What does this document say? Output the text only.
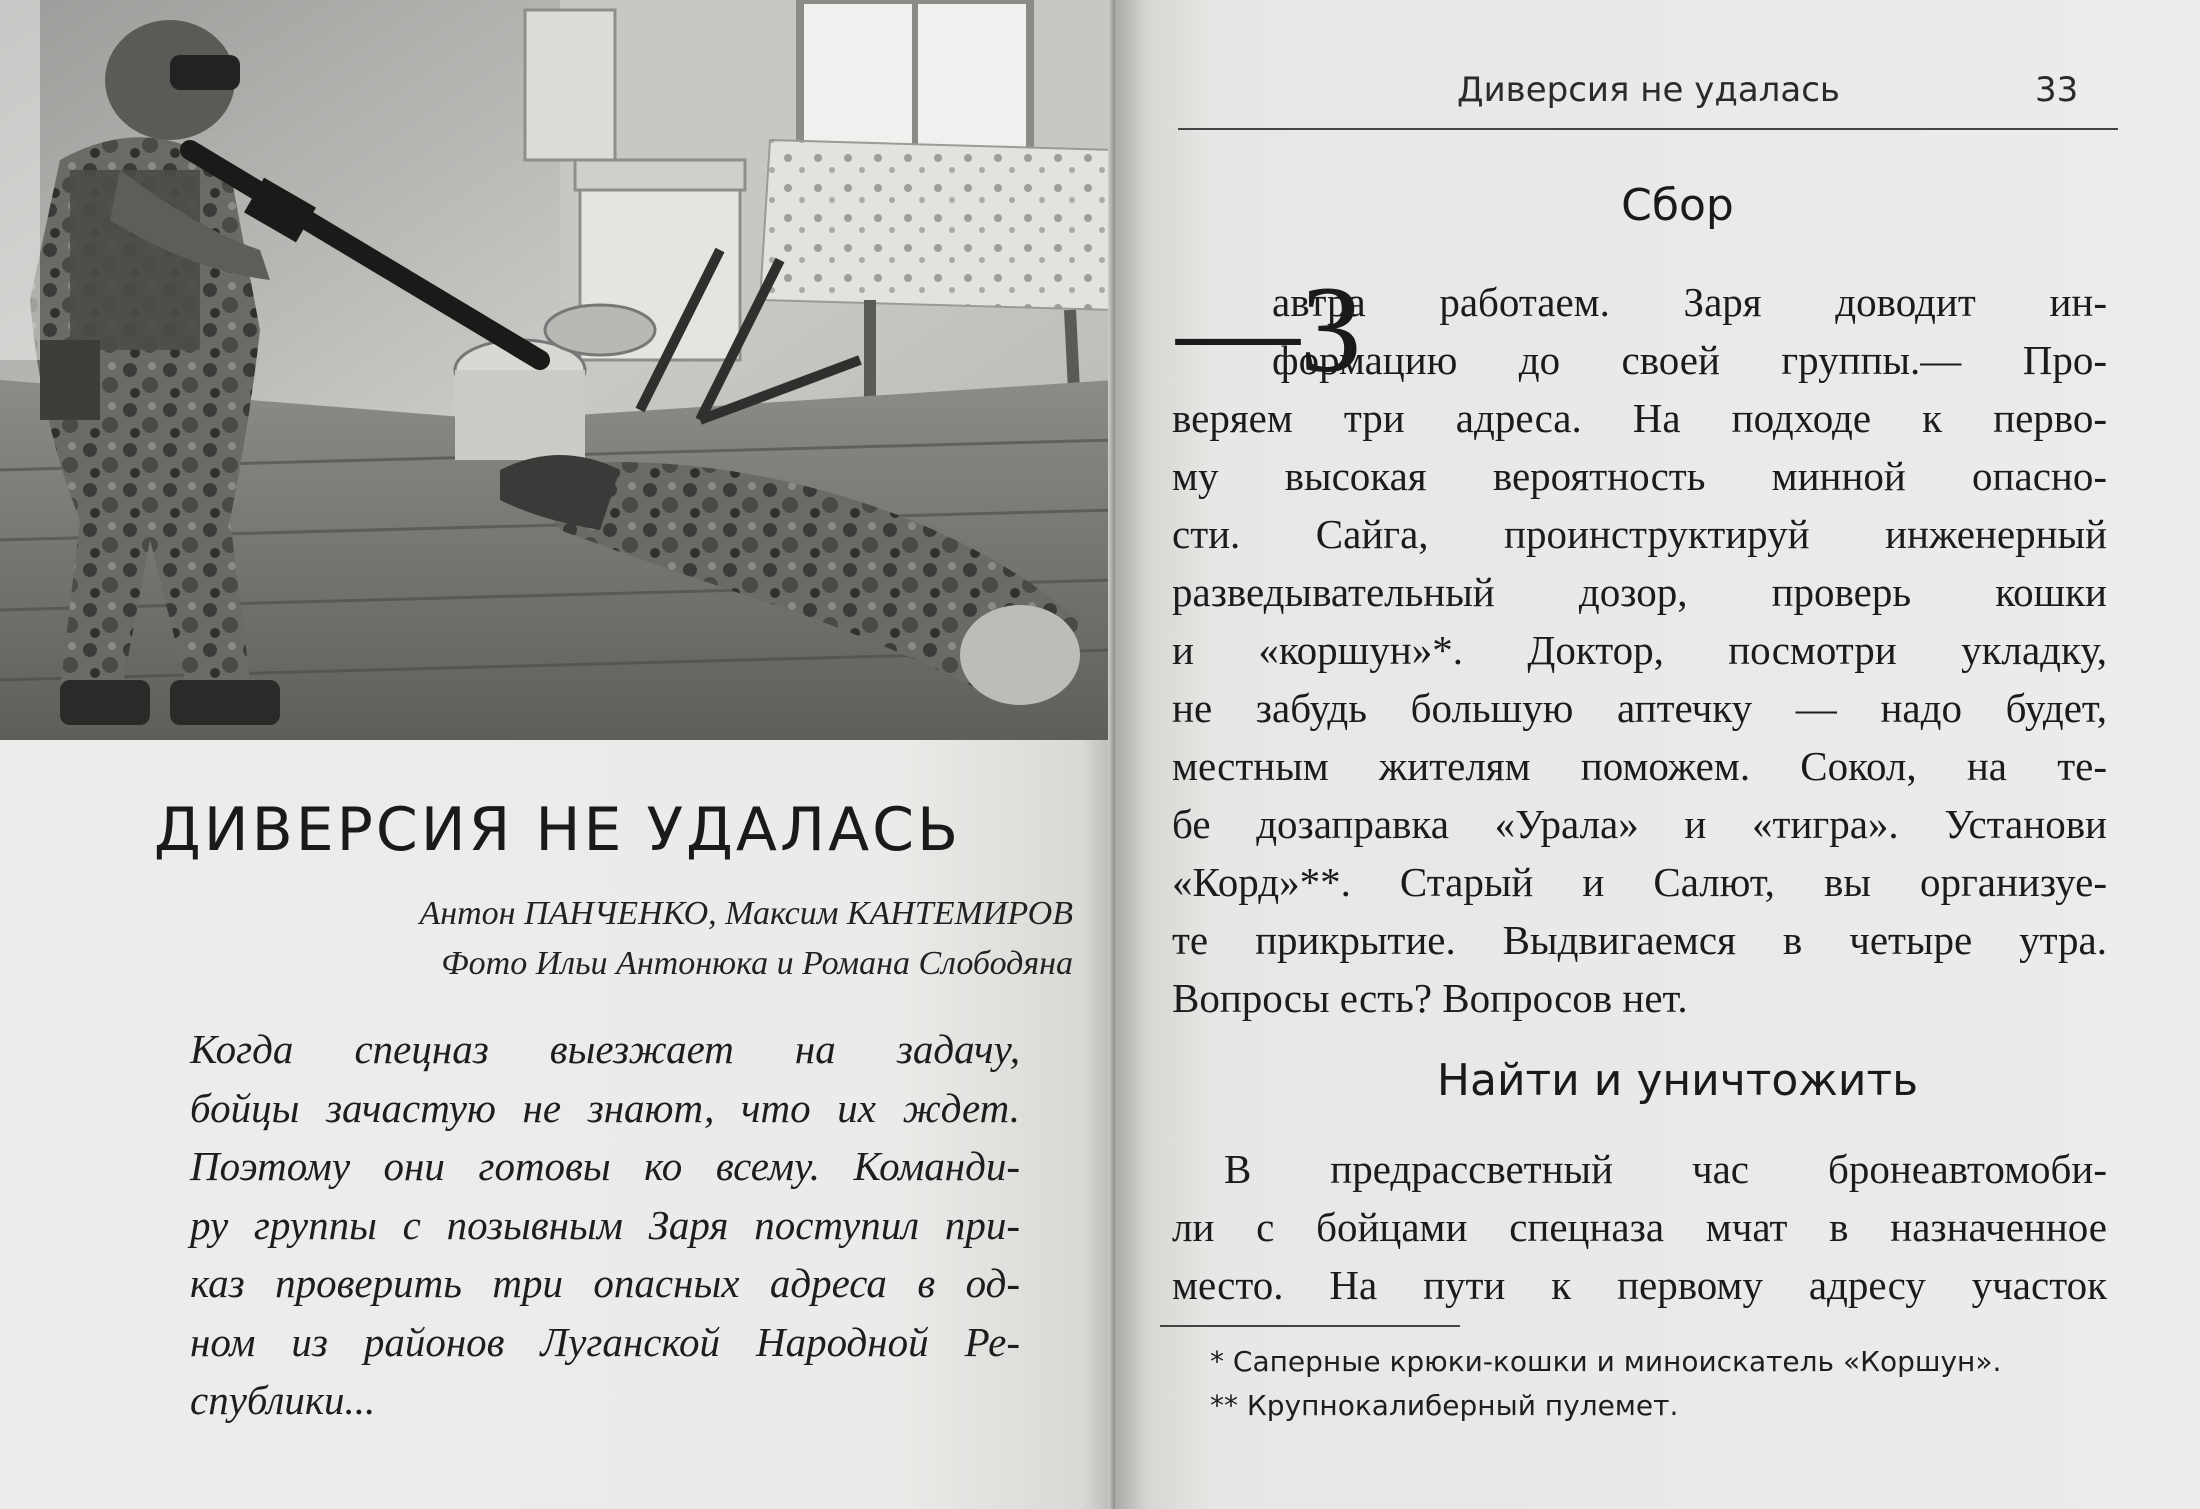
ДИВЕРСИЯ НЕ УДАЛАСЬ
Антон ПАНЧЕНКО, Максим КАНТЕМИРОВ
Фото Ильи Антонюка и Романа Слободяна
Когда спецназ выезжает на задачу,
бойцы зачастую не знают, что их ждет.
Поэтому они готовы ко всему. Команди-
ру группы с позывным Заря поступил при-
каз проверить три опасных адреса в од-
ном из районов Луганской Народной Ре-
спублики...
Диверсия не удалась	33
Сбор
—З
автра работаем. Заря доводит ин-
формацию до своей группы.— Про-
веряем три адреса. На подходе к перво-
му высокая вероятность минной опасно-
сти. Сайга, проинструктируй инженерный
разведывательный дозор, проверь кошки
и «коршун»*. Доктор, посмотри укладку,
не забудь большую аптечку — надо будет,
местным жителям поможем. Сокол, на те-
бе дозаправка «Урала» и «тигра». Установи
«Корд»**. Старый и Салют, вы организуе-
те прикрытие. Выдвигаемся в четыре утра.
Вопросы есть? Вопросов нет.
Найти и уничтожить
В предрассветный час бронеавтомоби-
ли с бойцами спецназа мчат в назначенное
место. На пути к первому адресу участок
* Саперные крюки-кошки и миноискатель «Коршун».
** Крупнокалиберный пулемет.
